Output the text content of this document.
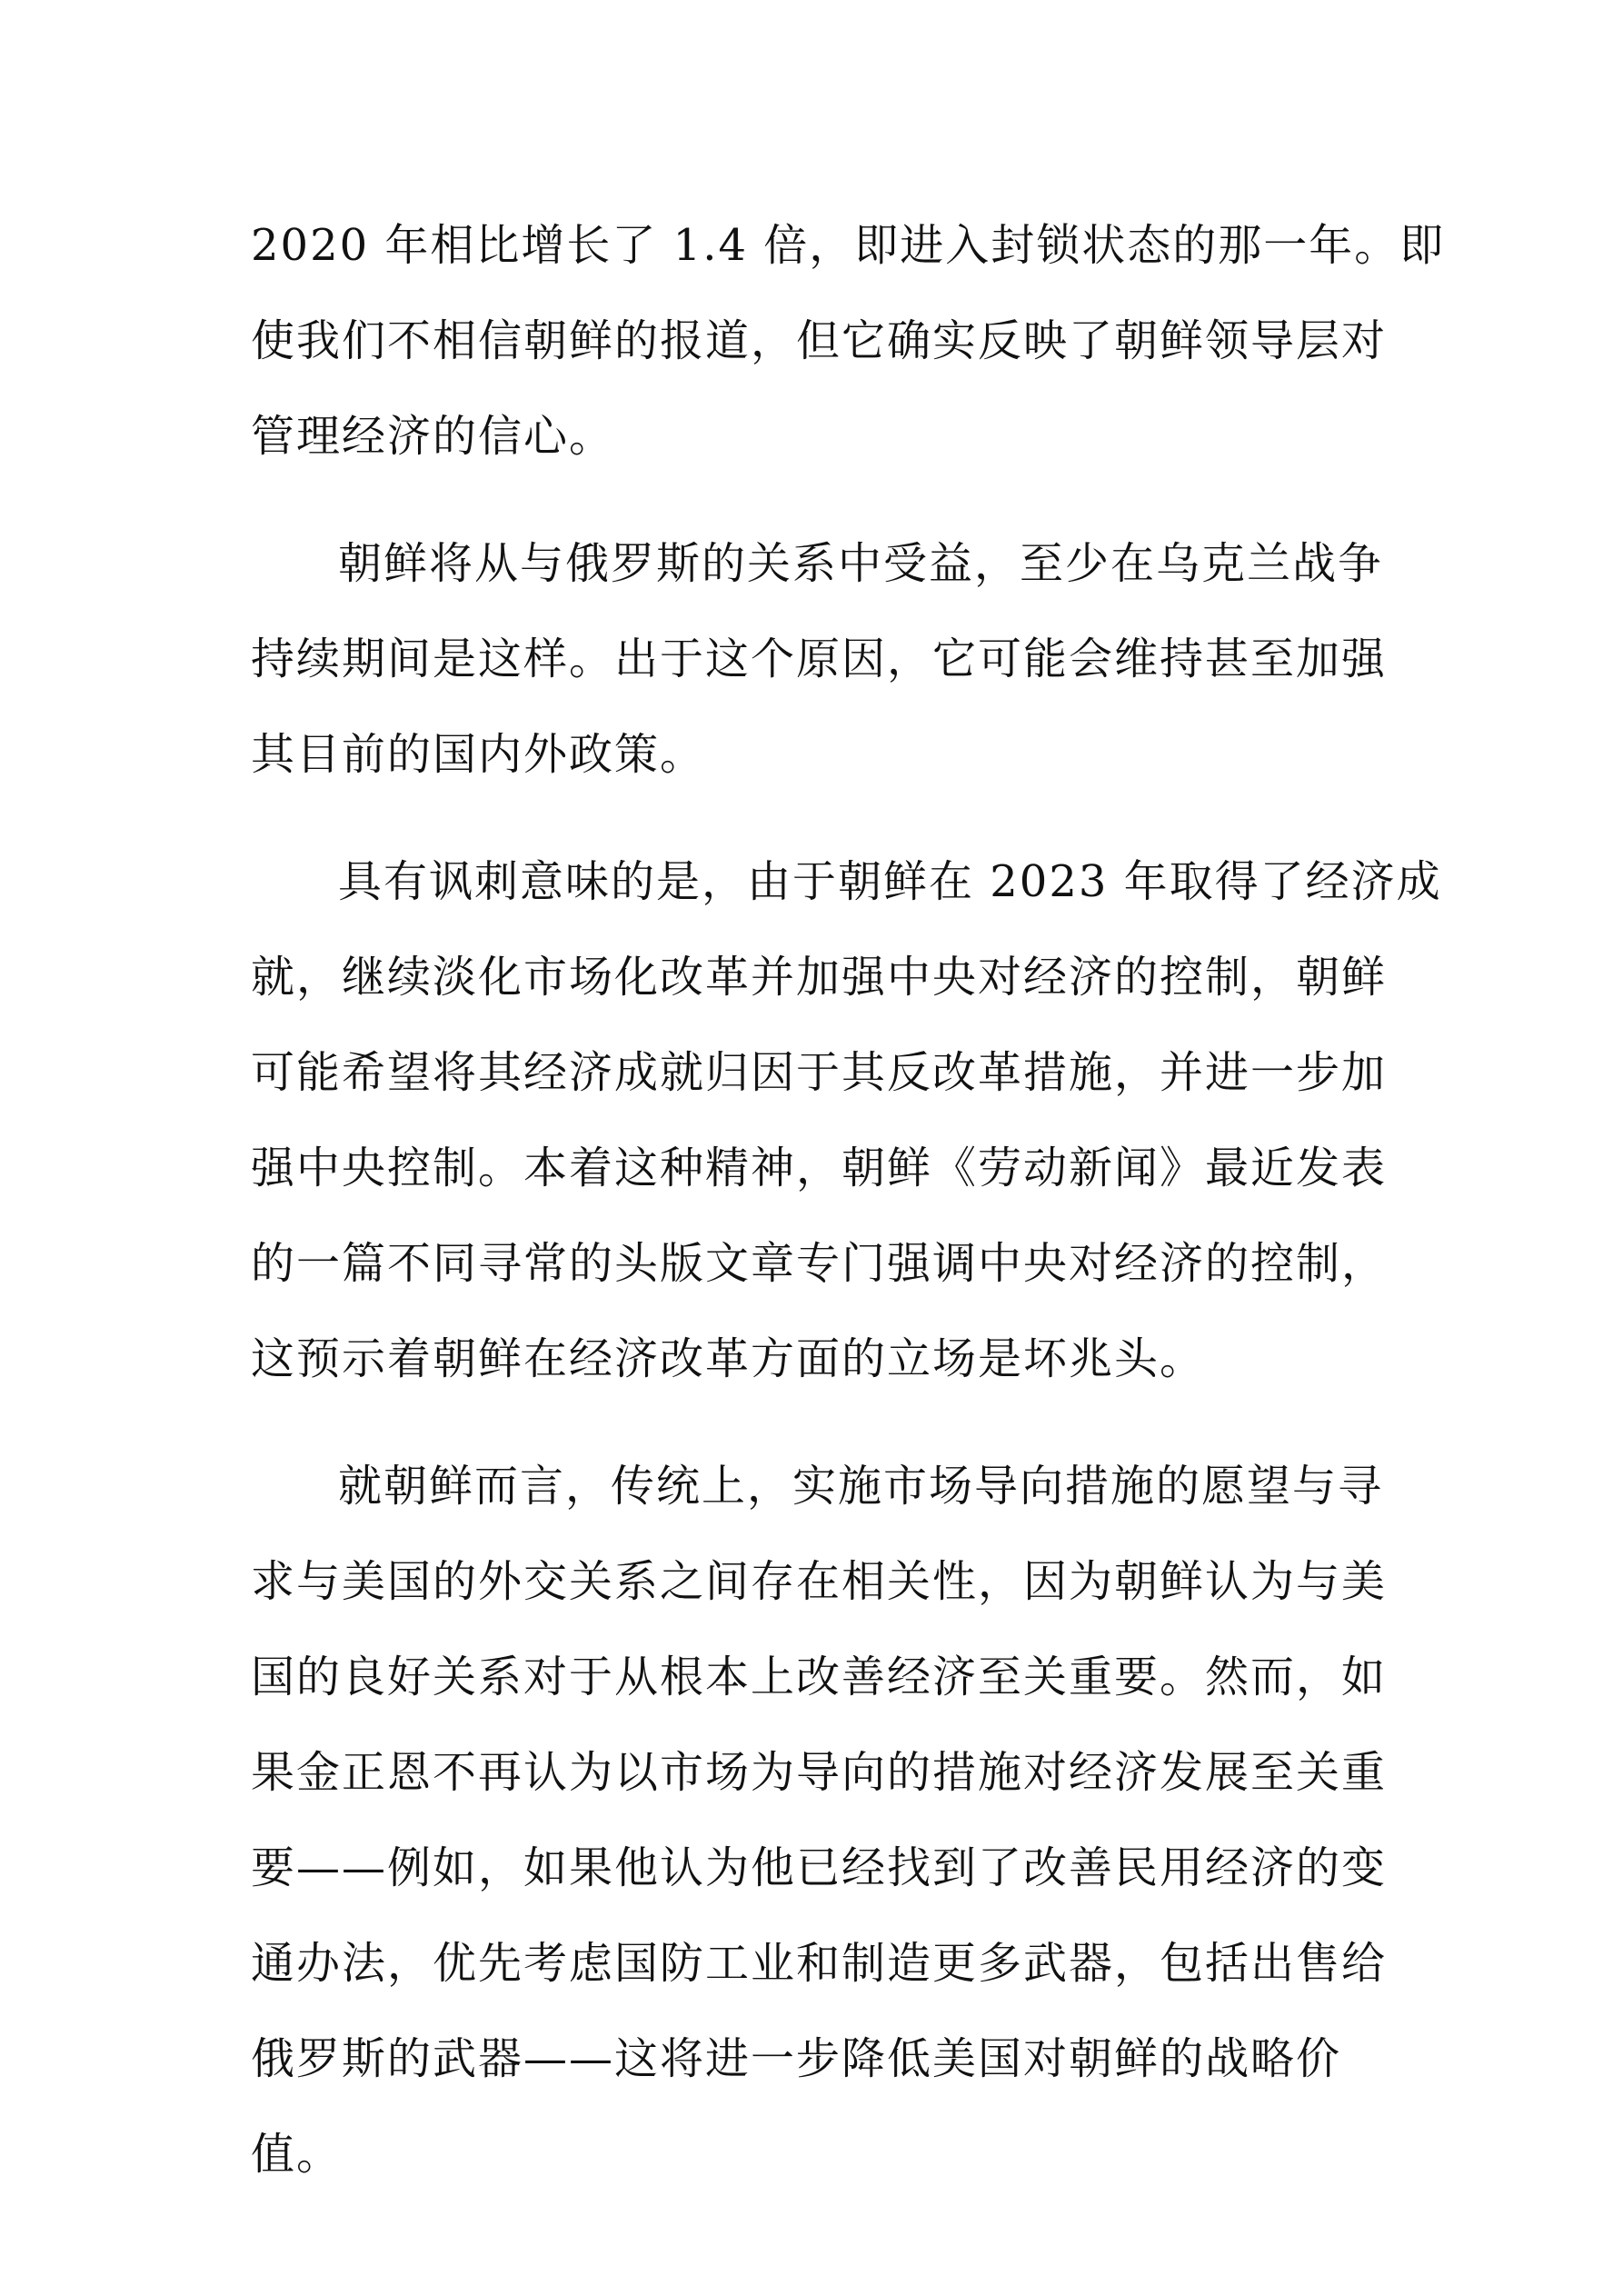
2020 年相比增长了 1.4 倍，即进入封锁状态的那一年。即
使我们不相信朝鲜的报道，但它确实反映了朝鲜领导层对
管理经济的信心。
朝鲜将从与俄罗斯的关系中受益，至少在乌克兰战争
持续期间是这样。出于这个原因，它可能会维持甚至加强
其目前的国内外政策。
具有讽刺意味的是，由于朝鲜在 2023 年取得了经济成
就，继续淡化市场化改革并加强中央对经济的控制，朝鲜
可能希望将其经济成就归因于其反改革措施，并进一步加
强中央控制。本着这种精神，朝鲜《劳动新闻》最近发表
的一篇不同寻常的头版文章专门强调中央对经济的控制，
这预示着朝鲜在经济改革方面的立场是坏兆头。
就朝鲜而言，传统上，实施市场导向措施的愿望与寻
求与美国的外交关系之间存在相关性，因为朝鲜认为与美
国的良好关系对于从根本上改善经济至关重要。然而，如
果金正恩不再认为以市场为导向的措施对经济发展至关重
要——例如，如果他认为他已经找到了改善民用经济的变
通办法，优先考虑国防工业和制造更多武器，包括出售给
俄罗斯的武器——这将进一步降低美国对朝鲜的战略价
值。
